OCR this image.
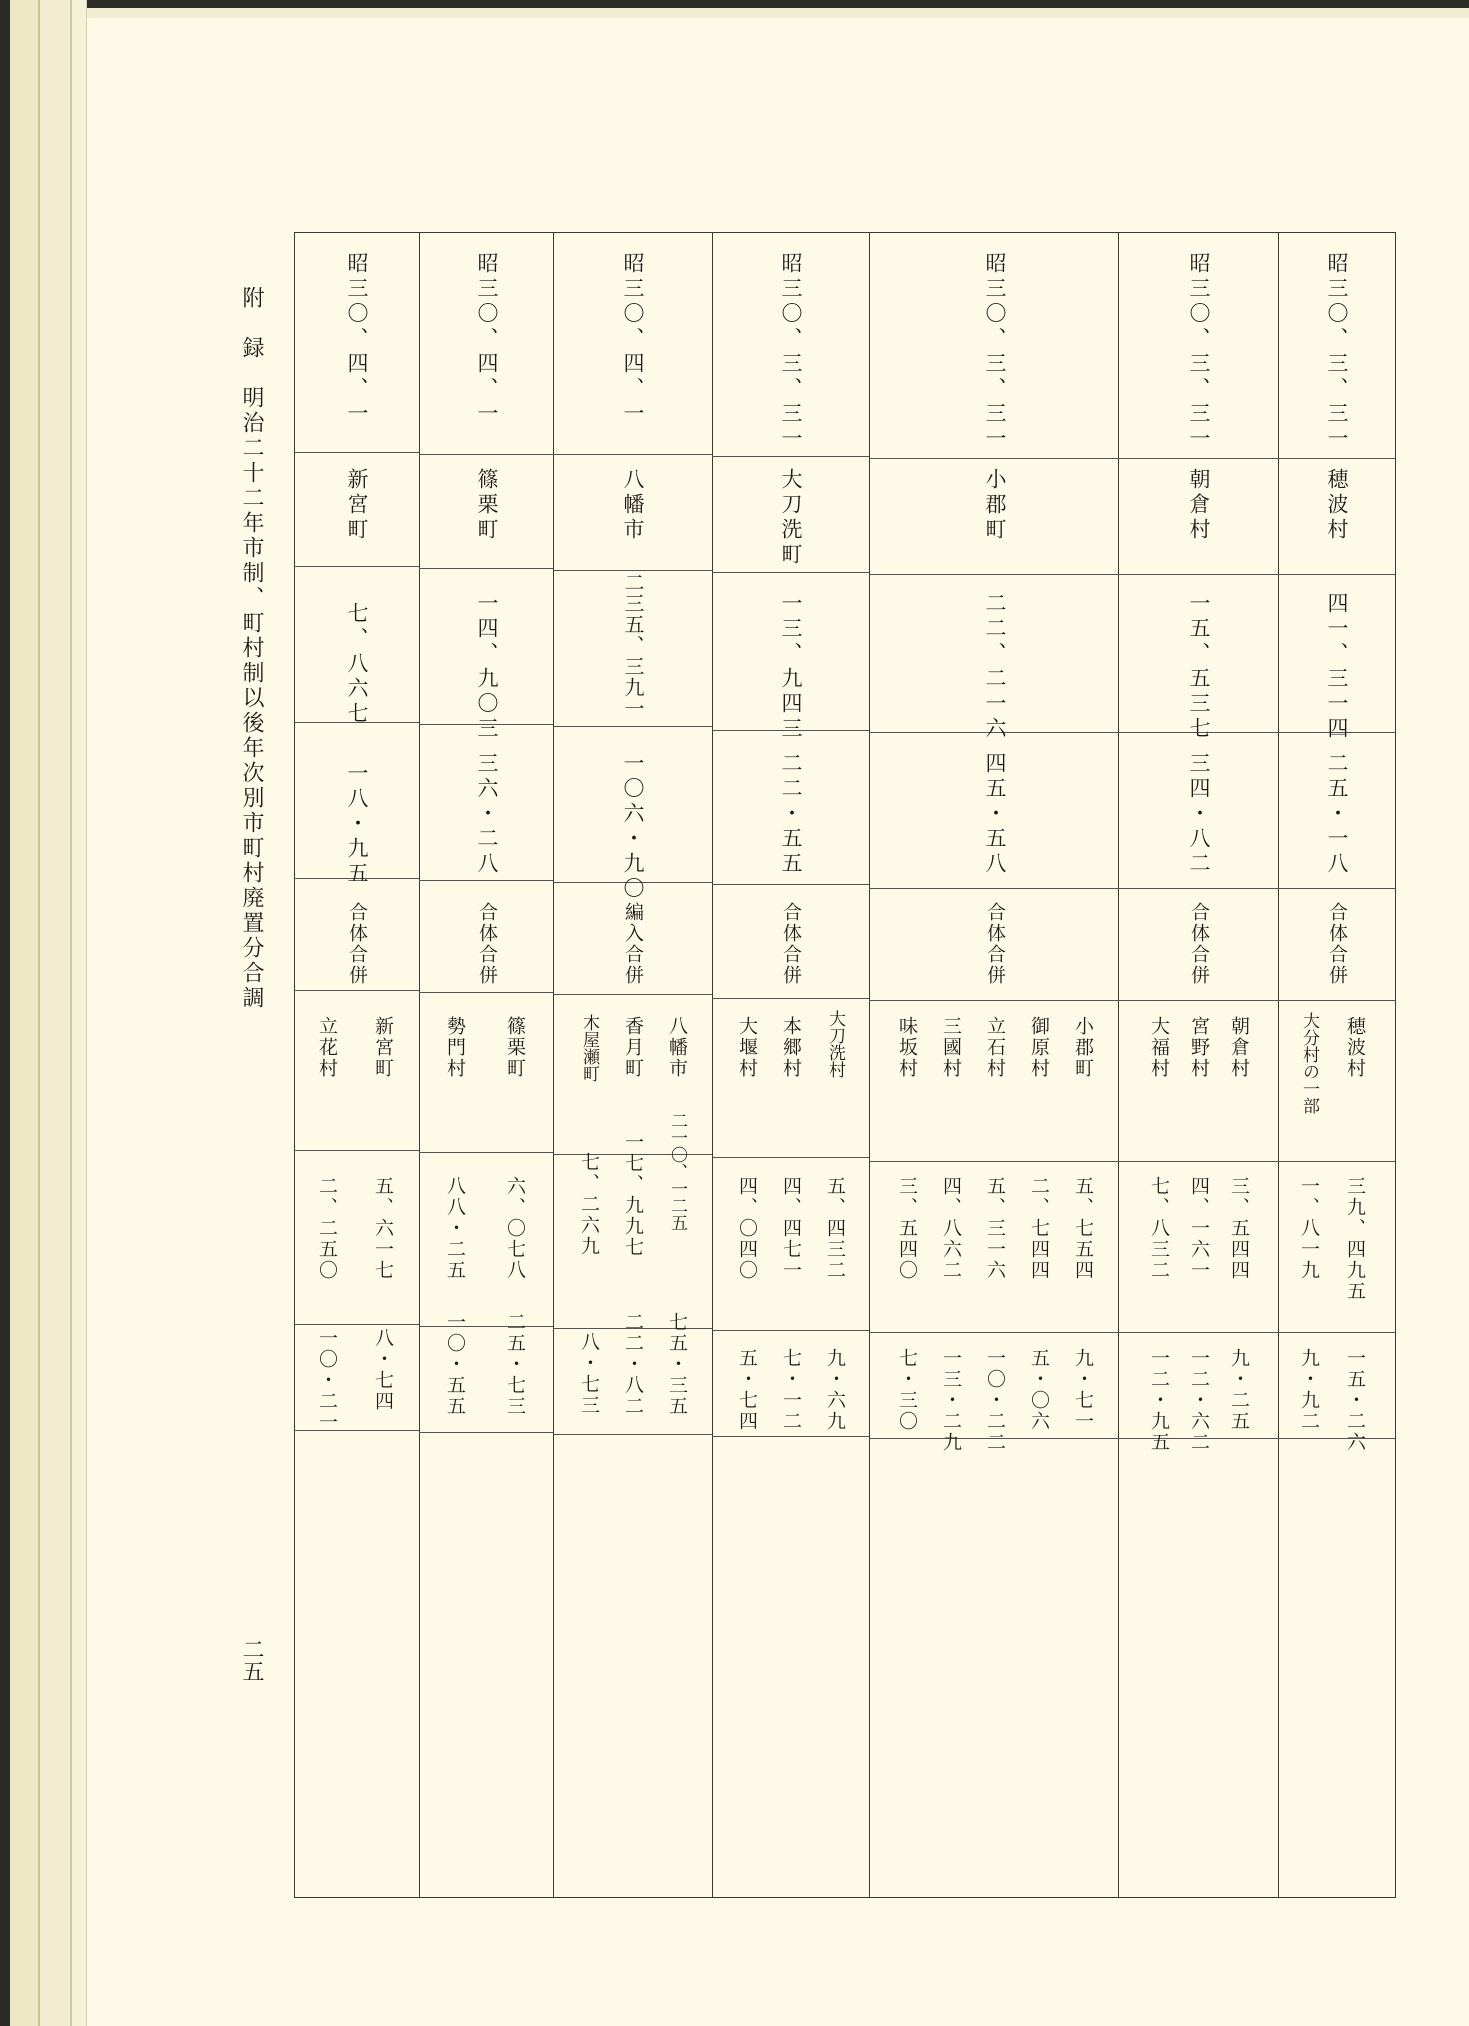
附　録　明治二十二年市制、町村制以後年次別市町村廃置分合調
二五
昭三〇、三、三一
穂波村
四一、三一四
二五・一八
合体合併
穂波村
大分村の一部
三九、四九五
一、八一九
一五・二六
九・九二
昭三〇、三、三一
朝倉村
一五、五三七
三四・八二
合体合併
朝倉村
宮野村
大福村
三、五四四
四、一六一
七、八三二
九・二五
一二・六二
一二・九五
昭三〇、三、三一
小郡町
二二、二一六
四五・五八
合体合併
小郡町
御原村
立石村
三國村
味坂村
五、七五四
二、七四四
五、三一六
四、八六二
三、五四〇
九・七一
五・〇六
一〇・二二
一三・二九
七・三〇
昭三〇、三、三一
大刀洗町
一三、九四三
二二・五五
合体合併
大刀洗村
本郷村
大堰村
五、四三二
四、四七一
四、〇四〇
九・六九
七・一二
五・七四
昭三〇、四、一
八幡市
二三五、三九一
一〇六・九〇
編入合併
八幡市
香月町
木屋瀬町
二一〇、一二五
一七、九九七
七、二六九
七五・三五
二二・八二
八・七三
昭三〇、四、一
篠栗町
一四、九〇三
三六・二八
合体合併
篠栗町
勢門村
六、〇七八
八八・二五
二五・七三
一〇・五五
昭三〇、四、一
新宮町
七、八六七
一八・九五
合体合併
新宮町
立花村
五、六一七
二、二五〇
八・七四
一〇・二一
